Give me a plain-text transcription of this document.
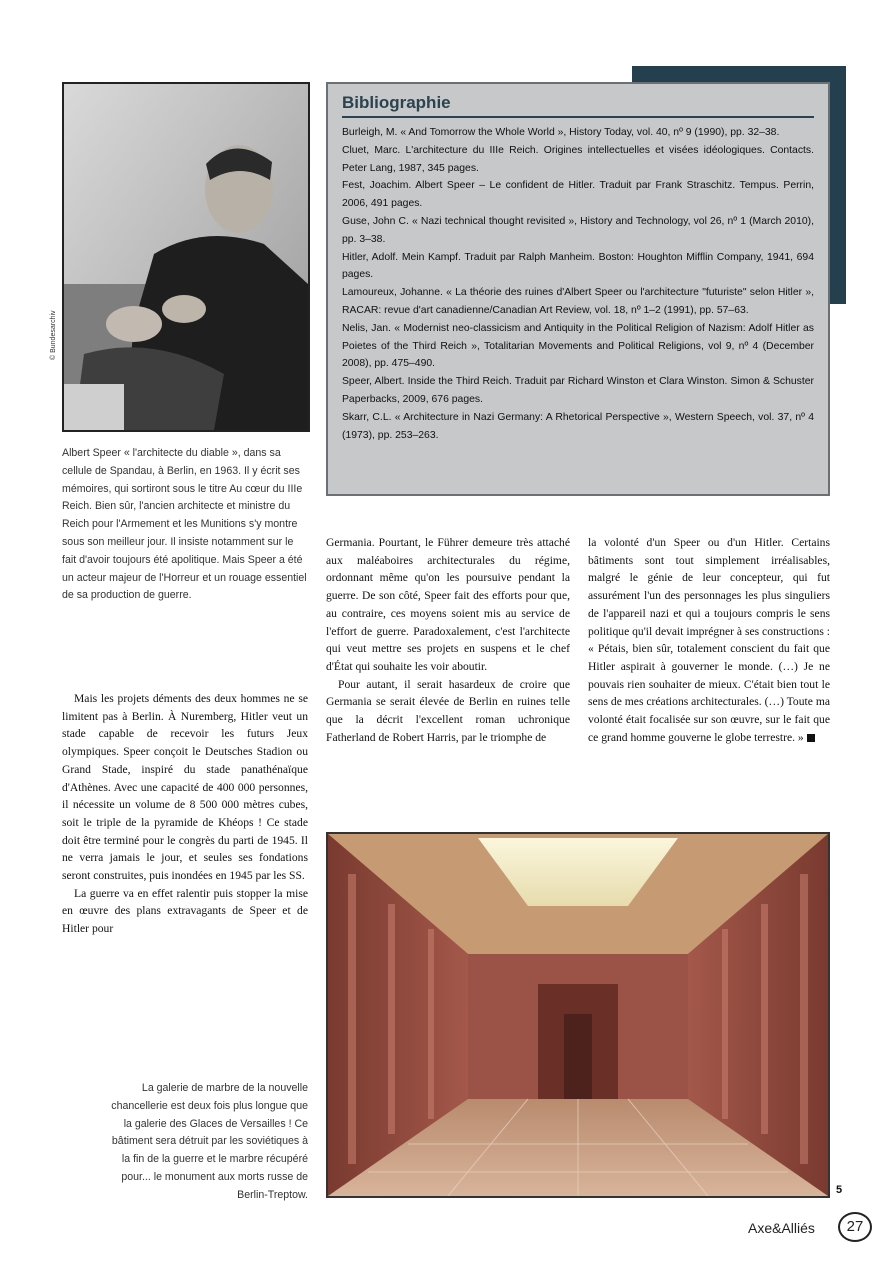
© Bundesarchiv
Albert Speer « l'architecte du diable », dans sa cellule de Spandau, à Berlin, en 1963. Il y écrit ses mémoires, qui sortiront sous le titre Au cœur du IIIe Reich. Bien sûr, l'ancien architecte et ministre du Reich pour l'Armement et les Munitions s'y montre sous son meilleur jour. Il insiste notamment sur le fait d'avoir toujours été apolitique. Mais Speer a été un acteur majeur de l'Horreur et un rouage essentiel de sa production de guerre.
Bibliographie

Burleigh, M. « And Tomorrow the Whole World », History Today, vol. 40, nº 9 (1990), pp. 32–38.

Cluet, Marc. L'architecture du IIIe Reich. Origines intellectuelles et visées idéologiques. Contacts. Peter Lang, 1987, 345 pages.

Fest, Joachim. Albert Speer – Le confident de Hitler. Traduit par Frank Straschitz. Tempus. Perrin, 2006, 491 pages.

Guse, John C. « Nazi technical thought revisited », History and Technology, vol 26, nº 1 (March 2010), pp. 3–38.

Hitler, Adolf. Mein Kampf. Traduit par Ralph Manheim. Boston: Houghton Mifflin Company, 1941, 694 pages.

Lamoureux, Johanne. « La théorie des ruines d'Albert Speer ou l'architecture "futuriste" selon Hitler », RACAR: revue d'art canadienne/Canadian Art Review, vol. 18, nº 1–2 (1991), pp. 57–63.

Nelis, Jan. « Modernist neo-classicism and Antiquity in the Political Religion of Nazism: Adolf Hitler as Poietes of the Third Reich », Totalitarian Movements and Political Religions, vol 9, nº 4 (December 2008), pp. 475–490.

Speer, Albert. Inside the Third Reich. Traduit par Richard Winston et Clara Winston. Simon & Schuster Paperbacks, 2009, 676 pages.

Skarr, C.L. « Architecture in Nazi Germany: A Rhetorical Perspective », Western Speech, vol. 37, nº 4 (1973), pp. 253–263.

Mais les projets déments des deux hommes ne se limitent pas à Berlin. À Nuremberg, Hitler veut un stade capable de recevoir les futurs Jeux olympiques. Speer conçoit le Deutsches Stadion ou Grand Stade, inspiré du stade panathénaïque d'Athènes. Avec une capacité de 400 000 personnes, il nécessite un volume de 8 500 000 mètres cubes, soit le triple de la pyramide de Khéops ! Ce stade doit être terminé pour le congrès du parti de 1945. Il ne verra jamais le jour, et seules ses fondations seront construites, puis inondées en 1945 par les SS.

La guerre va en effet ralentir puis stopper la mise en œuvre des plans extravagants de Speer et de Hitler pour

Germania. Pourtant, le Führer demeure très attaché aux maléaboires architecturales du régime, ordonnant même qu'on les poursuive pendant la guerre. De son côté, Speer fait des efforts pour que, au contraire, ces moyens soient mis au service de l'effort de guerre. Paradoxalement, c'est l'architecte qui veut mettre ses projets en suspens et le chef d'État qui souhaite les voir aboutir.

Pour autant, il serait hasardeux de croire que Germania se serait élevée de Berlin en ruines telle que la décrit l'excellent roman uchronique Fatherland de Robert Harris, par le triomphe de

la volonté d'un Speer ou d'un Hitler. Certains bâtiments sont tout simplement irréalisables, malgré le génie de leur concepteur, qui fut assurément l'un des personnages les plus singuliers de l'appareil nazi et qui a toujours compris le sens politique qu'il devait imprégner à ses constructions : « Pétais, bien sûr, totalement conscient du fait que Hitler aspirait à gouverner le monde. (…) Je ne pouvais rien souhaiter de mieux. C'était bien tout le sens de mes créations architecturales. (…) Toute ma volonté était focalisée sur son œuvre, sur le fait que ce grand homme gouverne le globe terrestre. »

5
La galerie de marbre de la nouvelle chancellerie est deux fois plus longue que la galerie des Glaces de Versailles ! Ce bâtiment sera détruit par les soviétiques à la fin de la guerre et le marbre récupéré pour... le monument aux morts russe de Berlin-Treptow.
Axe&Alliés	27
